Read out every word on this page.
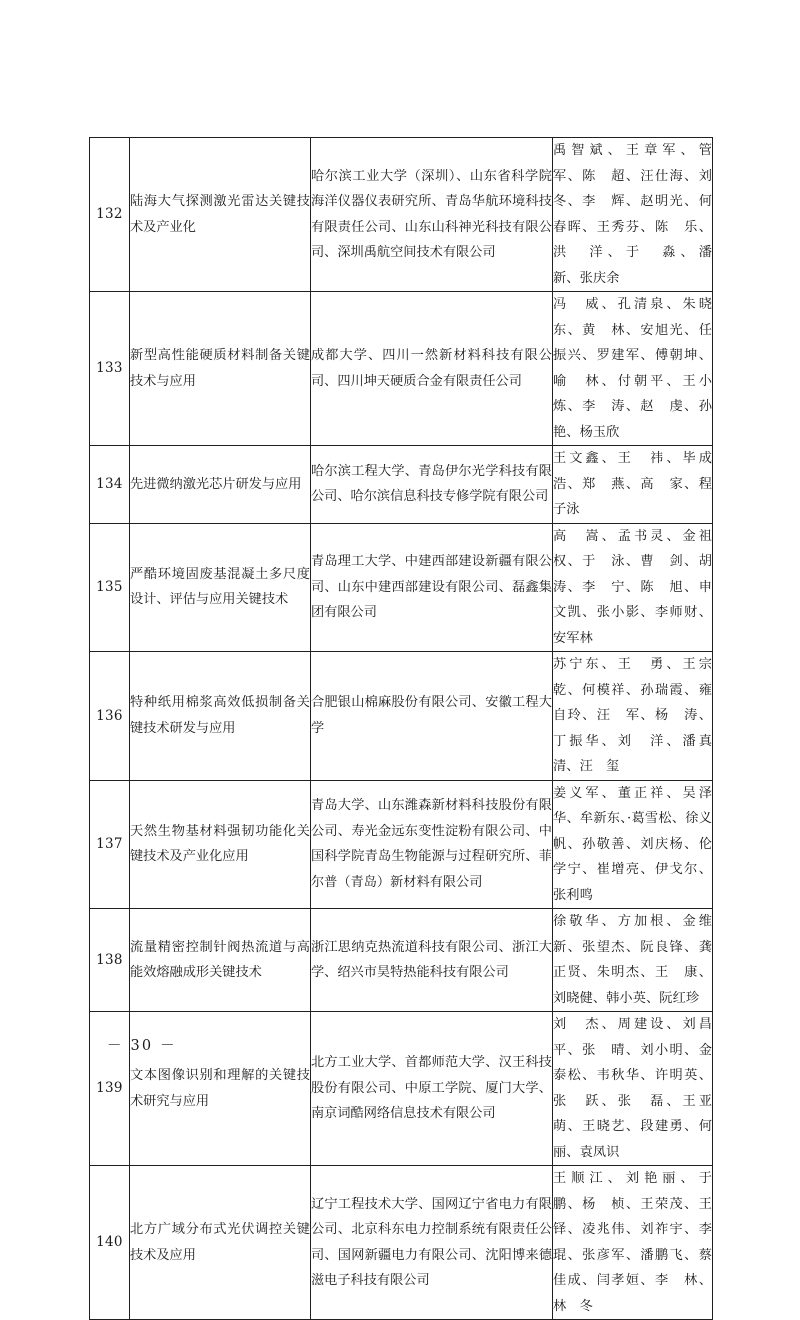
132	陆海大气探测激光雷达关键技术及产业化	哈尔滨工业大学（深圳）、山东省科学院海洋仪器仪表研究所、青岛华航环境科技有限责任公司、山东山科神光科技有限公司、深圳禹航空间技术有限公司	禹智斌、王章军、管　军、陈　超、汪仕海、刘　冬、李　辉、赵明光、何春晖、王秀芬、陈　乐、洪　洋、于　淼、潘　新、张庆余
133	新型高性能硬质材料制备关键技术与应用	成都大学、四川一然新材料科技有限公司、四川坤天硬质合金有限责任公司	冯　威、孔清泉、朱晓东、黄　林、安旭光、任振兴、罗建军、傅朝坤、喻　林、付朝平、王小炼、李　涛、赵　虔、孙　艳、杨玉欣
134	先进微纳激光芯片研发与应用	哈尔滨工程大学、青岛伊尔光学科技有限公司、哈尔滨信息科技专修学院有限公司	王文鑫、王　祎、毕成浩、郑　燕、高　家、程子泳
135	严酷环境固废基混凝土多尺度设计、评估与应用关键技术	青岛理工大学、中建西部建设新疆有限公司、山东中建西部建设有限公司、磊鑫集团有限公司	高　嵩、孟书灵、金祖权、于　泳、曹　剑、胡　涛、李　宁、陈　旭、申文凯、张小影、李师财、安军林
136	特种纸用棉浆高效低损制备关键技术研发与应用	合肥银山棉麻股份有限公司、安徽工程大学	苏宁东、王　勇、王宗乾、何模祥、孙瑞霞、雍自玲、汪　军、杨　涛、丁振华、刘　洋、潘真清、汪　玺
137	天然生物基材料强韧功能化关键技术及产业化应用	青岛大学、山东潍森新材料科技股份有限公司、寿光金远东变性淀粉有限公司、中国科学院青岛生物能源与过程研究所、菲尔普（青岛）新材料有限公司	姜义军、董正祥、吴泽华、牟新东、·葛雪松、徐义帆、孙敬善、刘庆杨、伦学宁、崔增亮、伊戈尔、张利鸣
138	流量精密控制针阀热流道与高能效熔融成形关键技术	浙江思纳克热流道科技有限公司、浙江大学、绍兴市昊特热能科技有限公司	徐敬华、方加根、金维新、张望杰、阮良锋、龚正贤、朱明杰、王　康、刘晓健、韩小英、阮红珍
139	文本图像识别和理解的关键技术研究与应用	北方工业大学、首都师范大学、汉王科技股份有限公司、中原工学院、厦门大学、南京词酷网络信息技术有限公司	刘　杰、周建设、刘昌平、张　晴、刘小明、金泰松、韦秋华、许明英、张　跃、张　磊、王亚萌、王晓艺、段建勇、何　丽、袁凤识
140	北方广域分布式光伏调控关键技术及应用	辽宁工程技术大学、国网辽宁省电力有限公司、北京科东电力控制系统有限责任公司、国网新疆电力有限公司、沈阳博来德滋电子科技有限公司	王顺江、刘艳丽、于　鹏、杨　桢、王荣茂、王　铎、凌兆伟、刘祚宇、李　琨、张彦军、潘鹏飞、蔡佳成、闫孝姮、李　林、林　冬
－ 30 －
